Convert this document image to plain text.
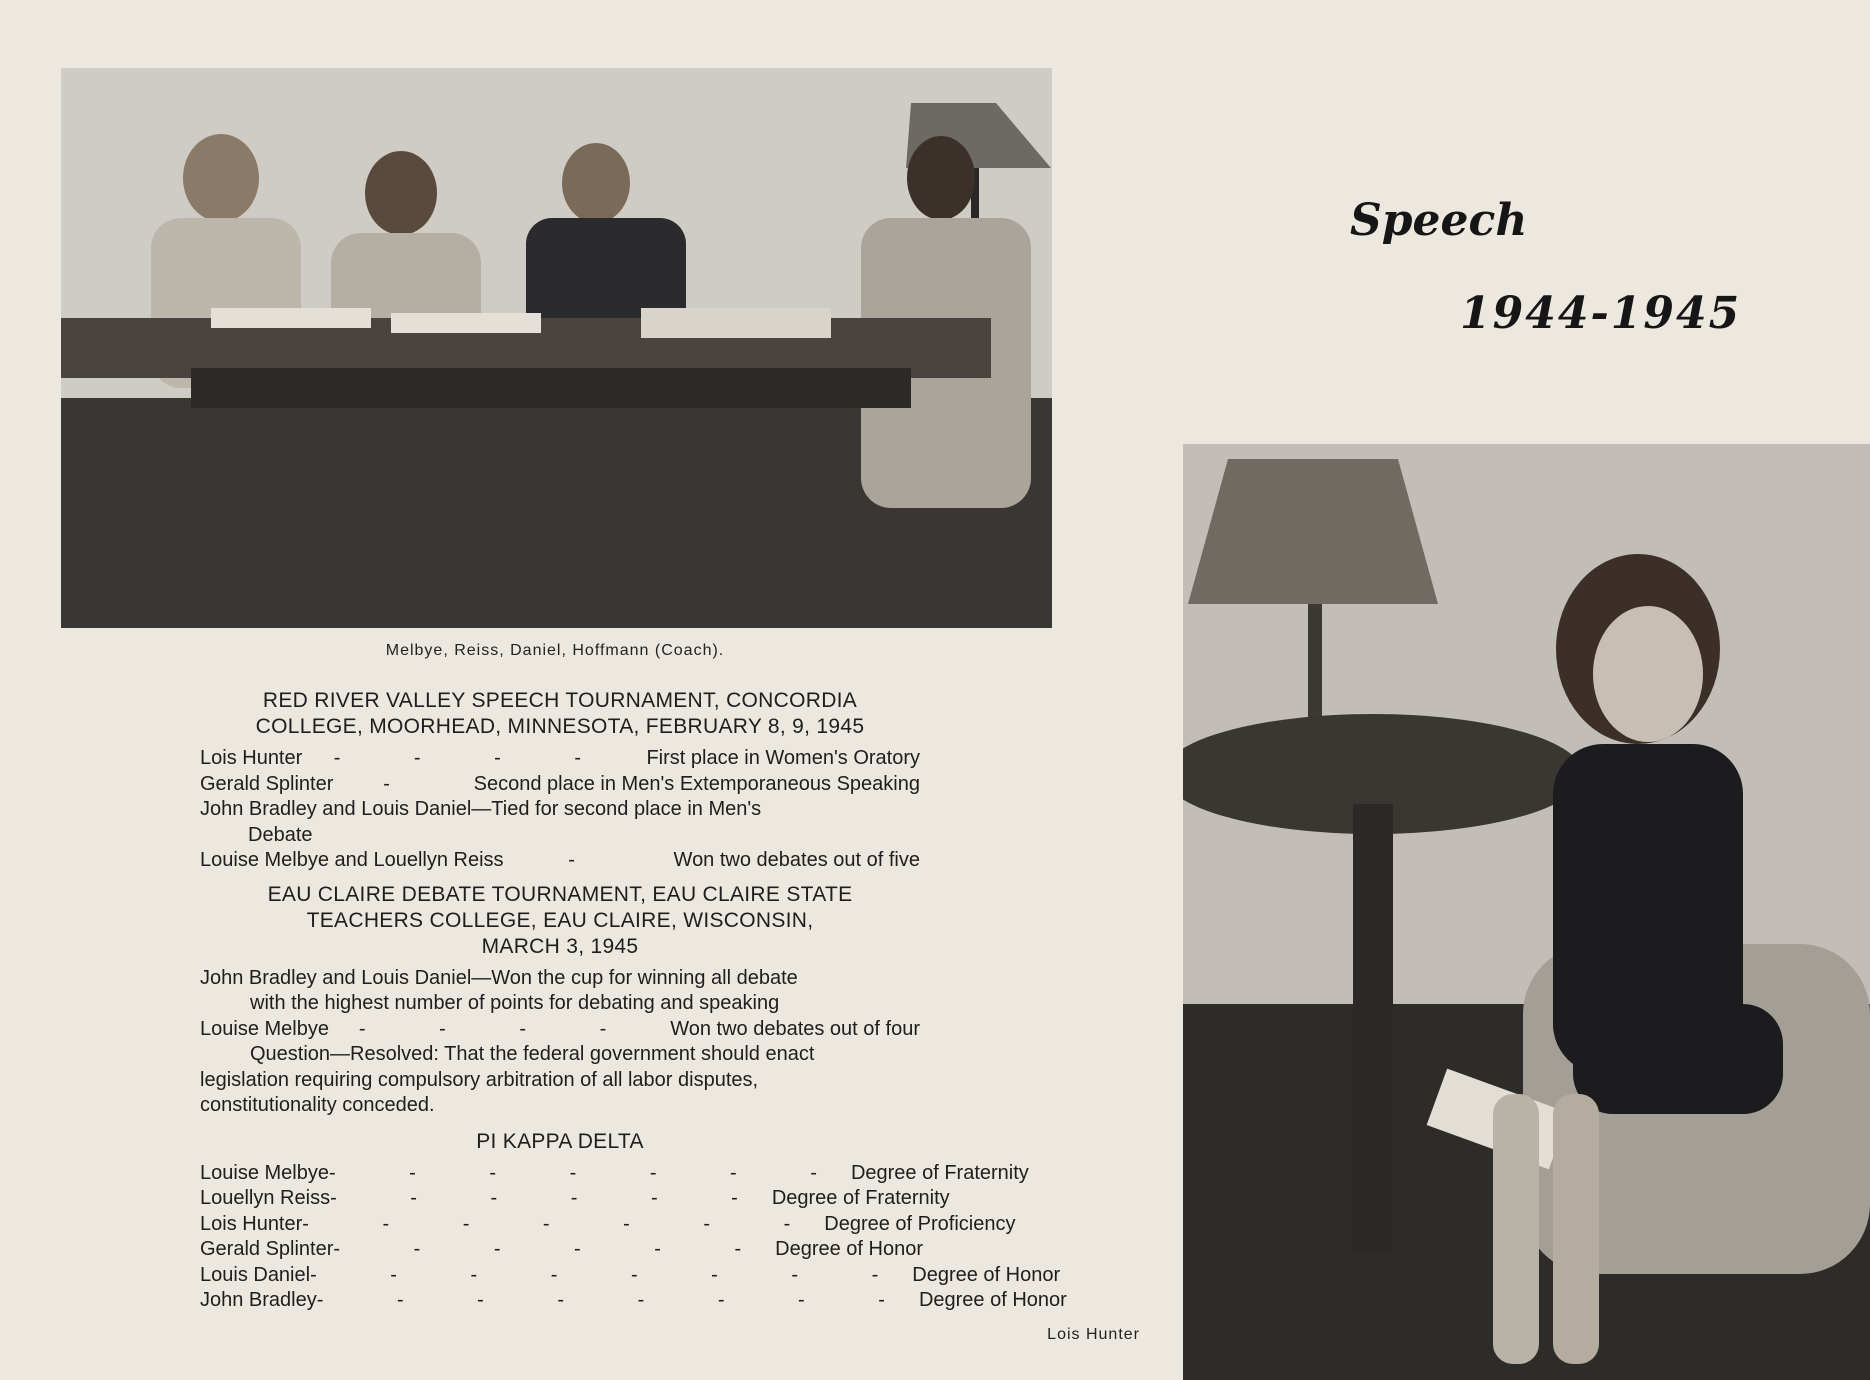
Melbye, Reiss, Daniel, Hoffmann (Coach).
Speech
1944-1945
Lois Hunter
RED RIVER VALLEY SPEECH TOURNAMENT, CONCORDIA
COLLEGE, MOORHEAD, MINNESOTA, FEBRUARY 8, 9, 1945
Lois Hunter	- - - -	First place in Women's Oratory
Gerald Splinter	-	Second place in Men's Extemporaneous Speaking
John Bradley and Louis Daniel—Tied for second place in Men's
Debate
Louise Melbye and Louellyn Reiss	-	Won two debates out of five
EAU CLAIRE DEBATE TOURNAMENT, EAU CLAIRE STATE
TEACHERS COLLEGE, EAU CLAIRE, WISCONSIN,
MARCH 3, 1945
John Bradley and Louis Daniel—Won the cup for winning all debate
with the highest number of points for debating and speaking
Louise Melbye	- - - -	Won two debates out of four
Question—Resolved: That the federal government should enact
legislation requiring compulsory arbitration of all labor disputes,
constitutionality conceded.
PI KAPPA DELTA
Louise Melbye - - - - - - - Degree of Fraternity
Louellyn Reiss - - - - - - Degree of Fraternity
Lois Hunter - - - - - - - Degree of Proficiency
Gerald Splinter - - - - - - Degree of Honor
Louis Daniel - - - - - - - - Degree of Honor
John Bradley - - - - - - - - Degree of Honor
